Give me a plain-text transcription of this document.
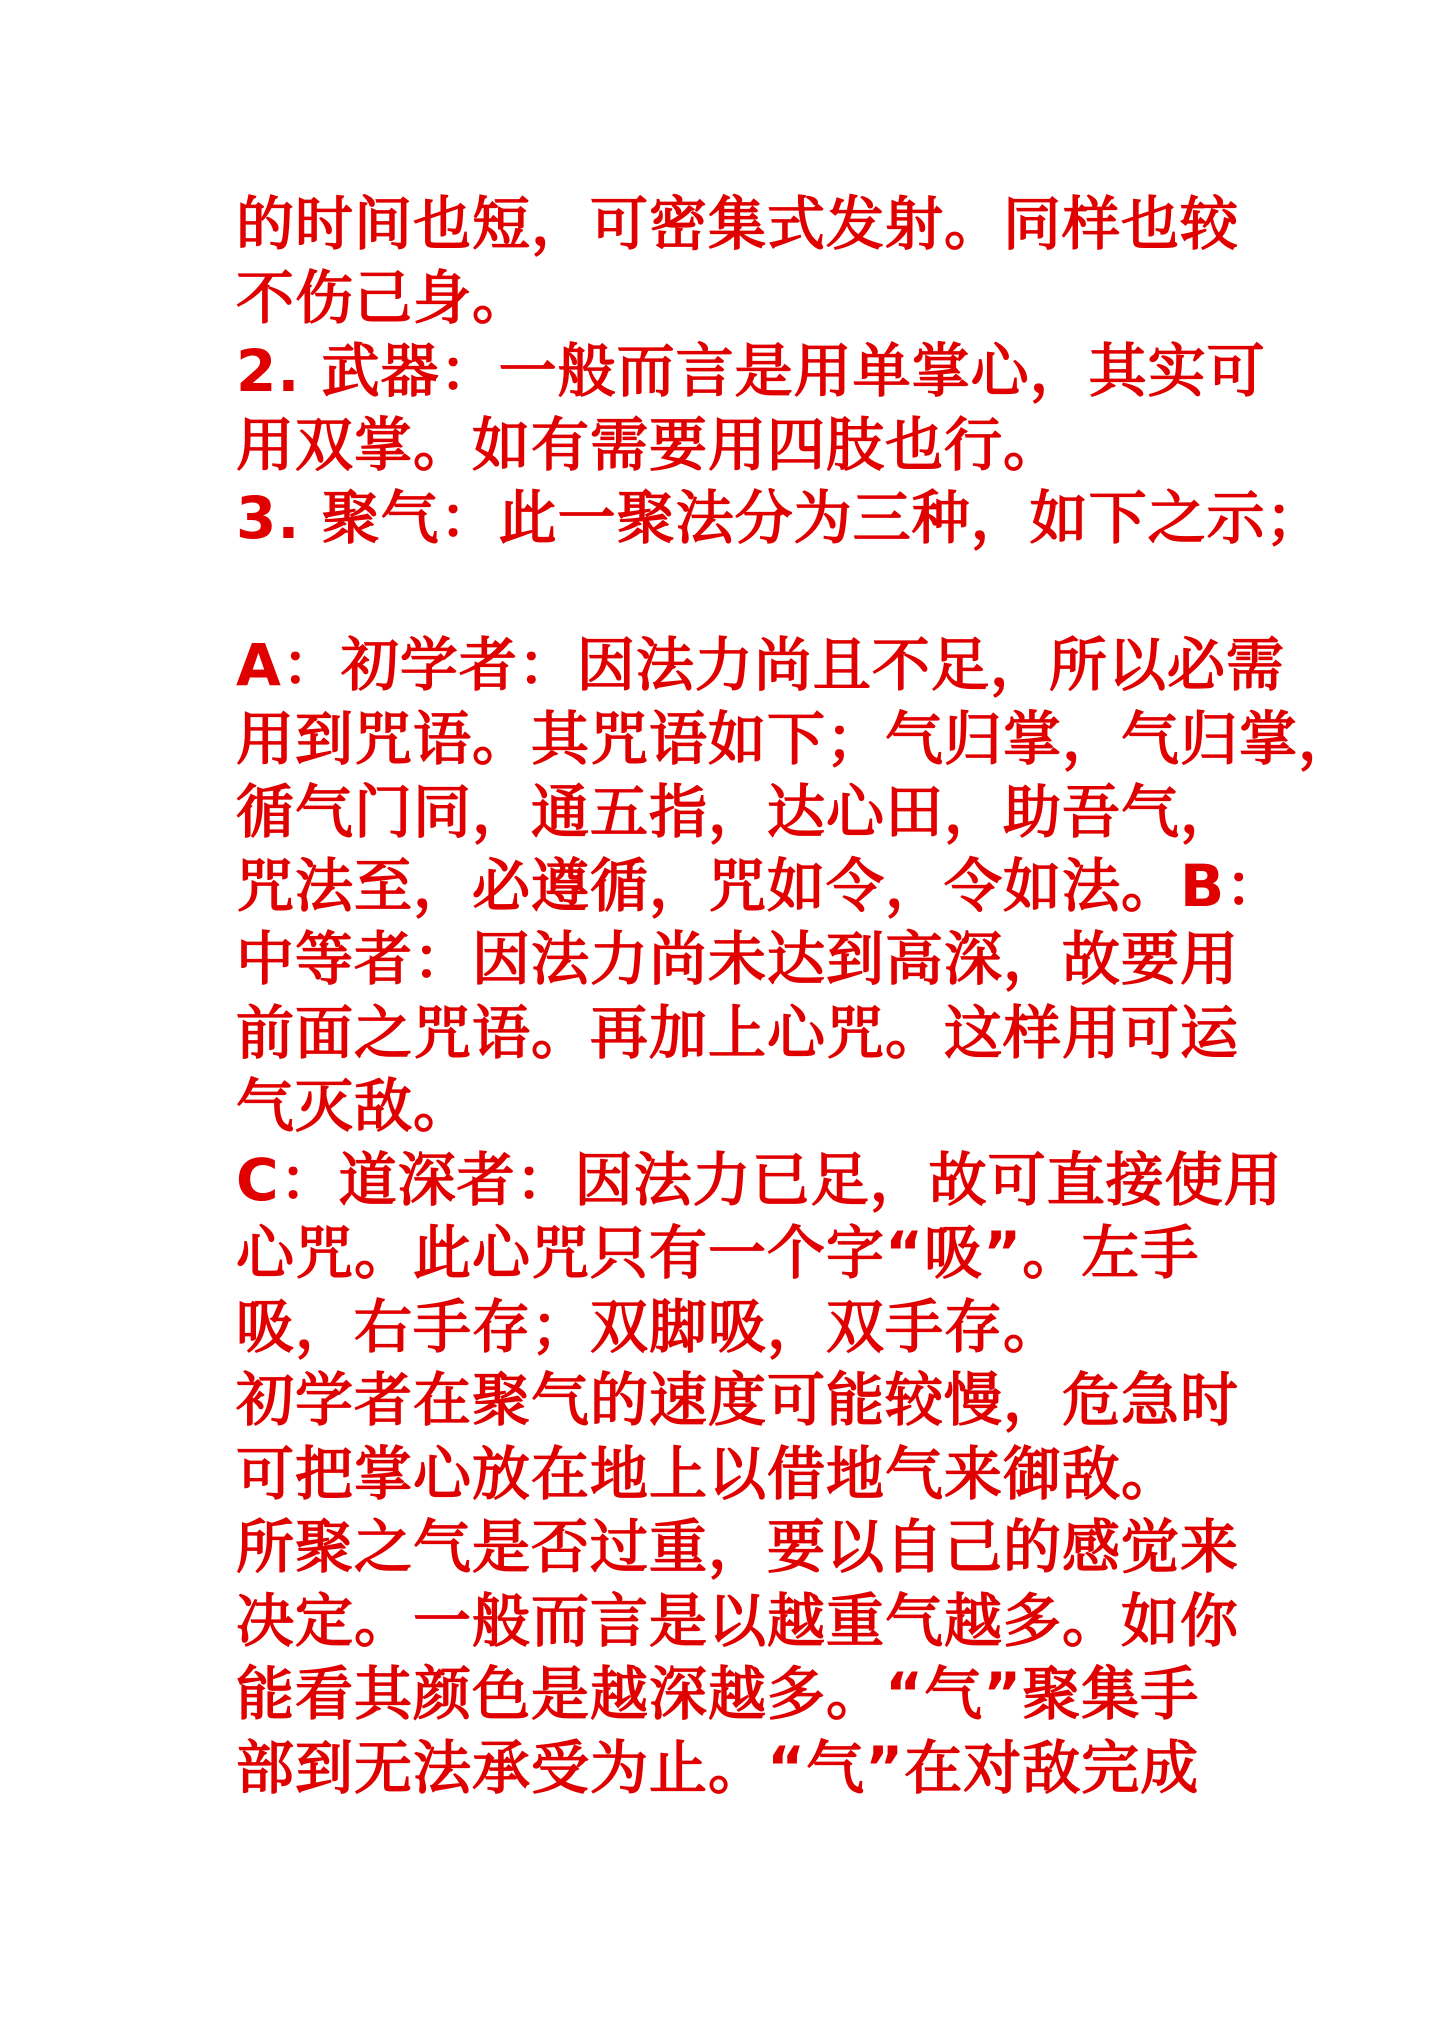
的时间也短，可密集式发射。同样也较
不伤己身。
2. 武器：一般而言是用单掌心，其实可
用双掌。如有需要用四肢也行。
3. 聚气：此一聚法分为三种，如下之示；
A：初学者：因法力尚且不足，所以必需
用到咒语。其咒语如下；气归掌，气归掌，
循气门同，通五指，达心田，助吾气，
咒法至，必遵循，咒如令，令如法。B：
中等者：因法力尚未达到高深，故要用
前面之咒语。再加上心咒。这样用可运
气灭敌。
C：道深者：因法力已足，故可直接使用
心咒。此心咒只有一个字“吸”。左手
吸，右手存；双脚吸，双手存。
初学者在聚气的速度可能较慢，危急时
可把掌心放在地上以借地气来御敌。
所聚之气是否过重，要以自己的感觉来
决定。一般而言是以越重气越多。如你
能看其颜色是越深越多。“气”聚集手
部到无法承受为止。“气”在对敌完成
